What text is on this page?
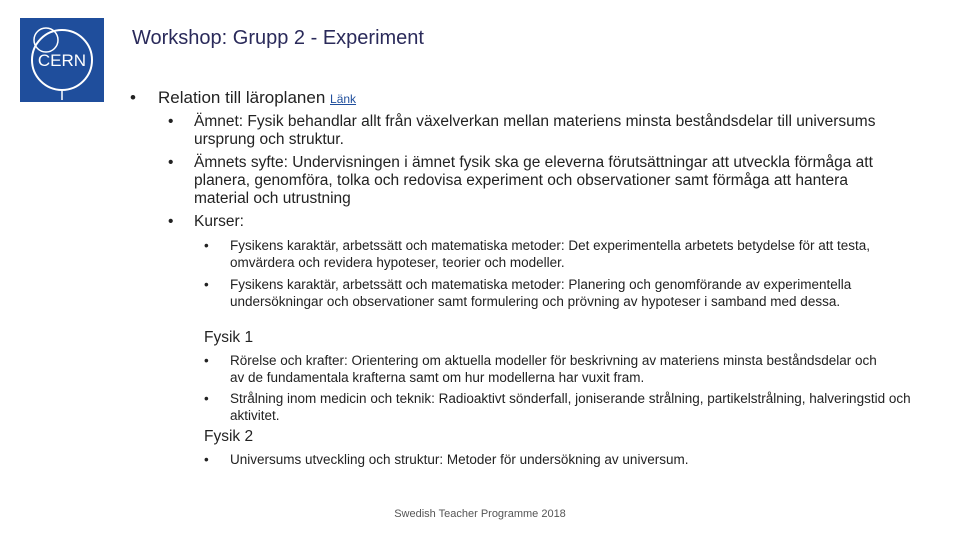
CERN
Workshop: Grupp 2 - Experiment
• Relation till läroplanen Länk
• Ämnet: Fysik behandlar allt från växelverkan mellan materiens minsta beståndsdelar till universums ursprung och struktur.
• Ämnets syfte: Undervisningen i ämnet fysik ska ge eleverna förutsättningar att utveckla förmåga att planera, genomföra, tolka och redovisa experiment och observationer samt förmåga att hantera material och utrustning
• Kurser:
• Fysikens karaktär, arbetssätt och matematiska metoder: Det experimentella arbetets betydelse för att testa, omvärdera och revidera hypoteser, teorier och modeller.
• Fysikens karaktär, arbetssätt och matematiska metoder: Planering och genomförande av experimentella undersökningar och observationer samt formulering och prövning av hypoteser i samband med dessa.
Fysik 1
• Rörelse och krafter: Orientering om aktuella modeller för beskrivning av materiens minsta beståndsdelar och av de fundamentala krafterna samt om hur modellerna har vuxit fram.
• Strålning inom medicin och teknik: Radioaktivt sönderfall, joniserande strålning, partikelstrålning, halveringstid och aktivitet.
Fysik 2
• Universums utveckling och struktur: Metoder för undersökning av universum.
Swedish Teacher Programme 2018
